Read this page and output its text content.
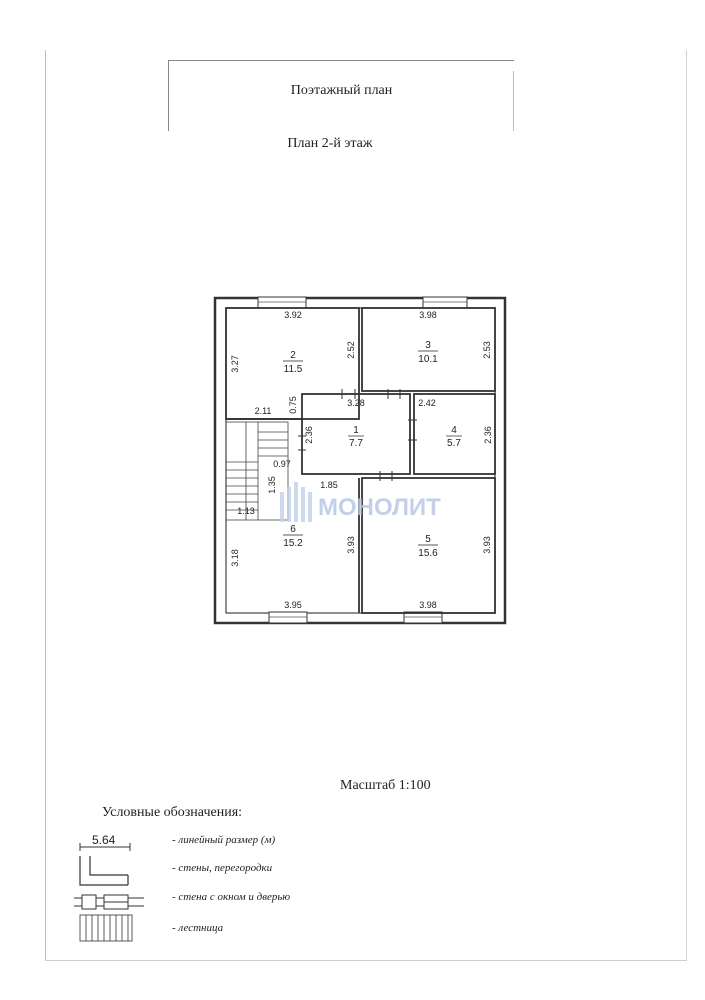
Поэтажный план
План 2-й этаж
3.92
3.27
2.52
3.98
2.53
2.11 0.75	3.28
2.36
2.42
2.36
0.97
1.35	1.85
1.13
3.18
3.93	3.93
3.95	3.98
1
7.7
2
11.5
3
10.1
4
5.7
5
15.6
6
15.2
МОНОЛИТ
Масштаб 1:100
Условные обозначения:
5.64	- линейный размер (м)
- стены, перегородки
- стена с окном и дверью
- лестница
